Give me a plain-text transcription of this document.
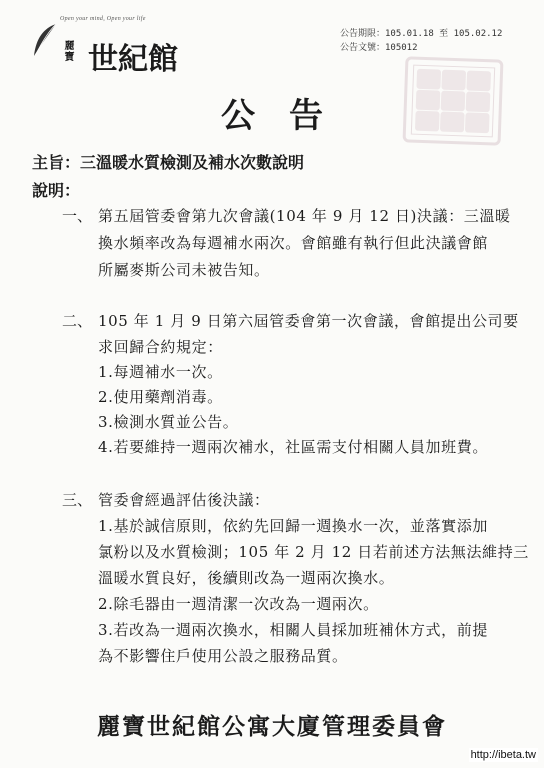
Open your mind, Open your life
麗寶 世紀館
公告期限：105.01.18 至 105.02.12
公告文號：105012
公告
主旨：三溫暖水質檢測及補水次數說明
說明：
一、 第五屆管委會第九次會議(104 年 9 月 12 日)決議：三溫暖
換水頻率改為每週補水兩次。會館雖有執行但此決議會館
所屬麥斯公司未被告知。
二、 105 年 1 月 9 日第六屆管委會第一次會議，會館提出公司要
求回歸合約規定：
1.每週補水一次。
2.使用藥劑消毒。
3.檢測水質並公告。
4.若要維持一週兩次補水，社區需支付相關人員加班費。
三、 管委會經過評估後決議：
1.基於誠信原則，依約先回歸一週換水一次，並落實添加
氯粉以及水質檢測；105 年 2 月 12 日若前述方法無法維持三
溫暖水質良好，後續則改為一週兩次換水。
2.除毛器由一週清潔一次改為一週兩次。
3.若改為一週兩次換水，相關人員採加班補休方式，前提
為不影響住戶使用公設之服務品質。
麗寶世紀館公寓大廈管理委員會
http://ibeta.tw
